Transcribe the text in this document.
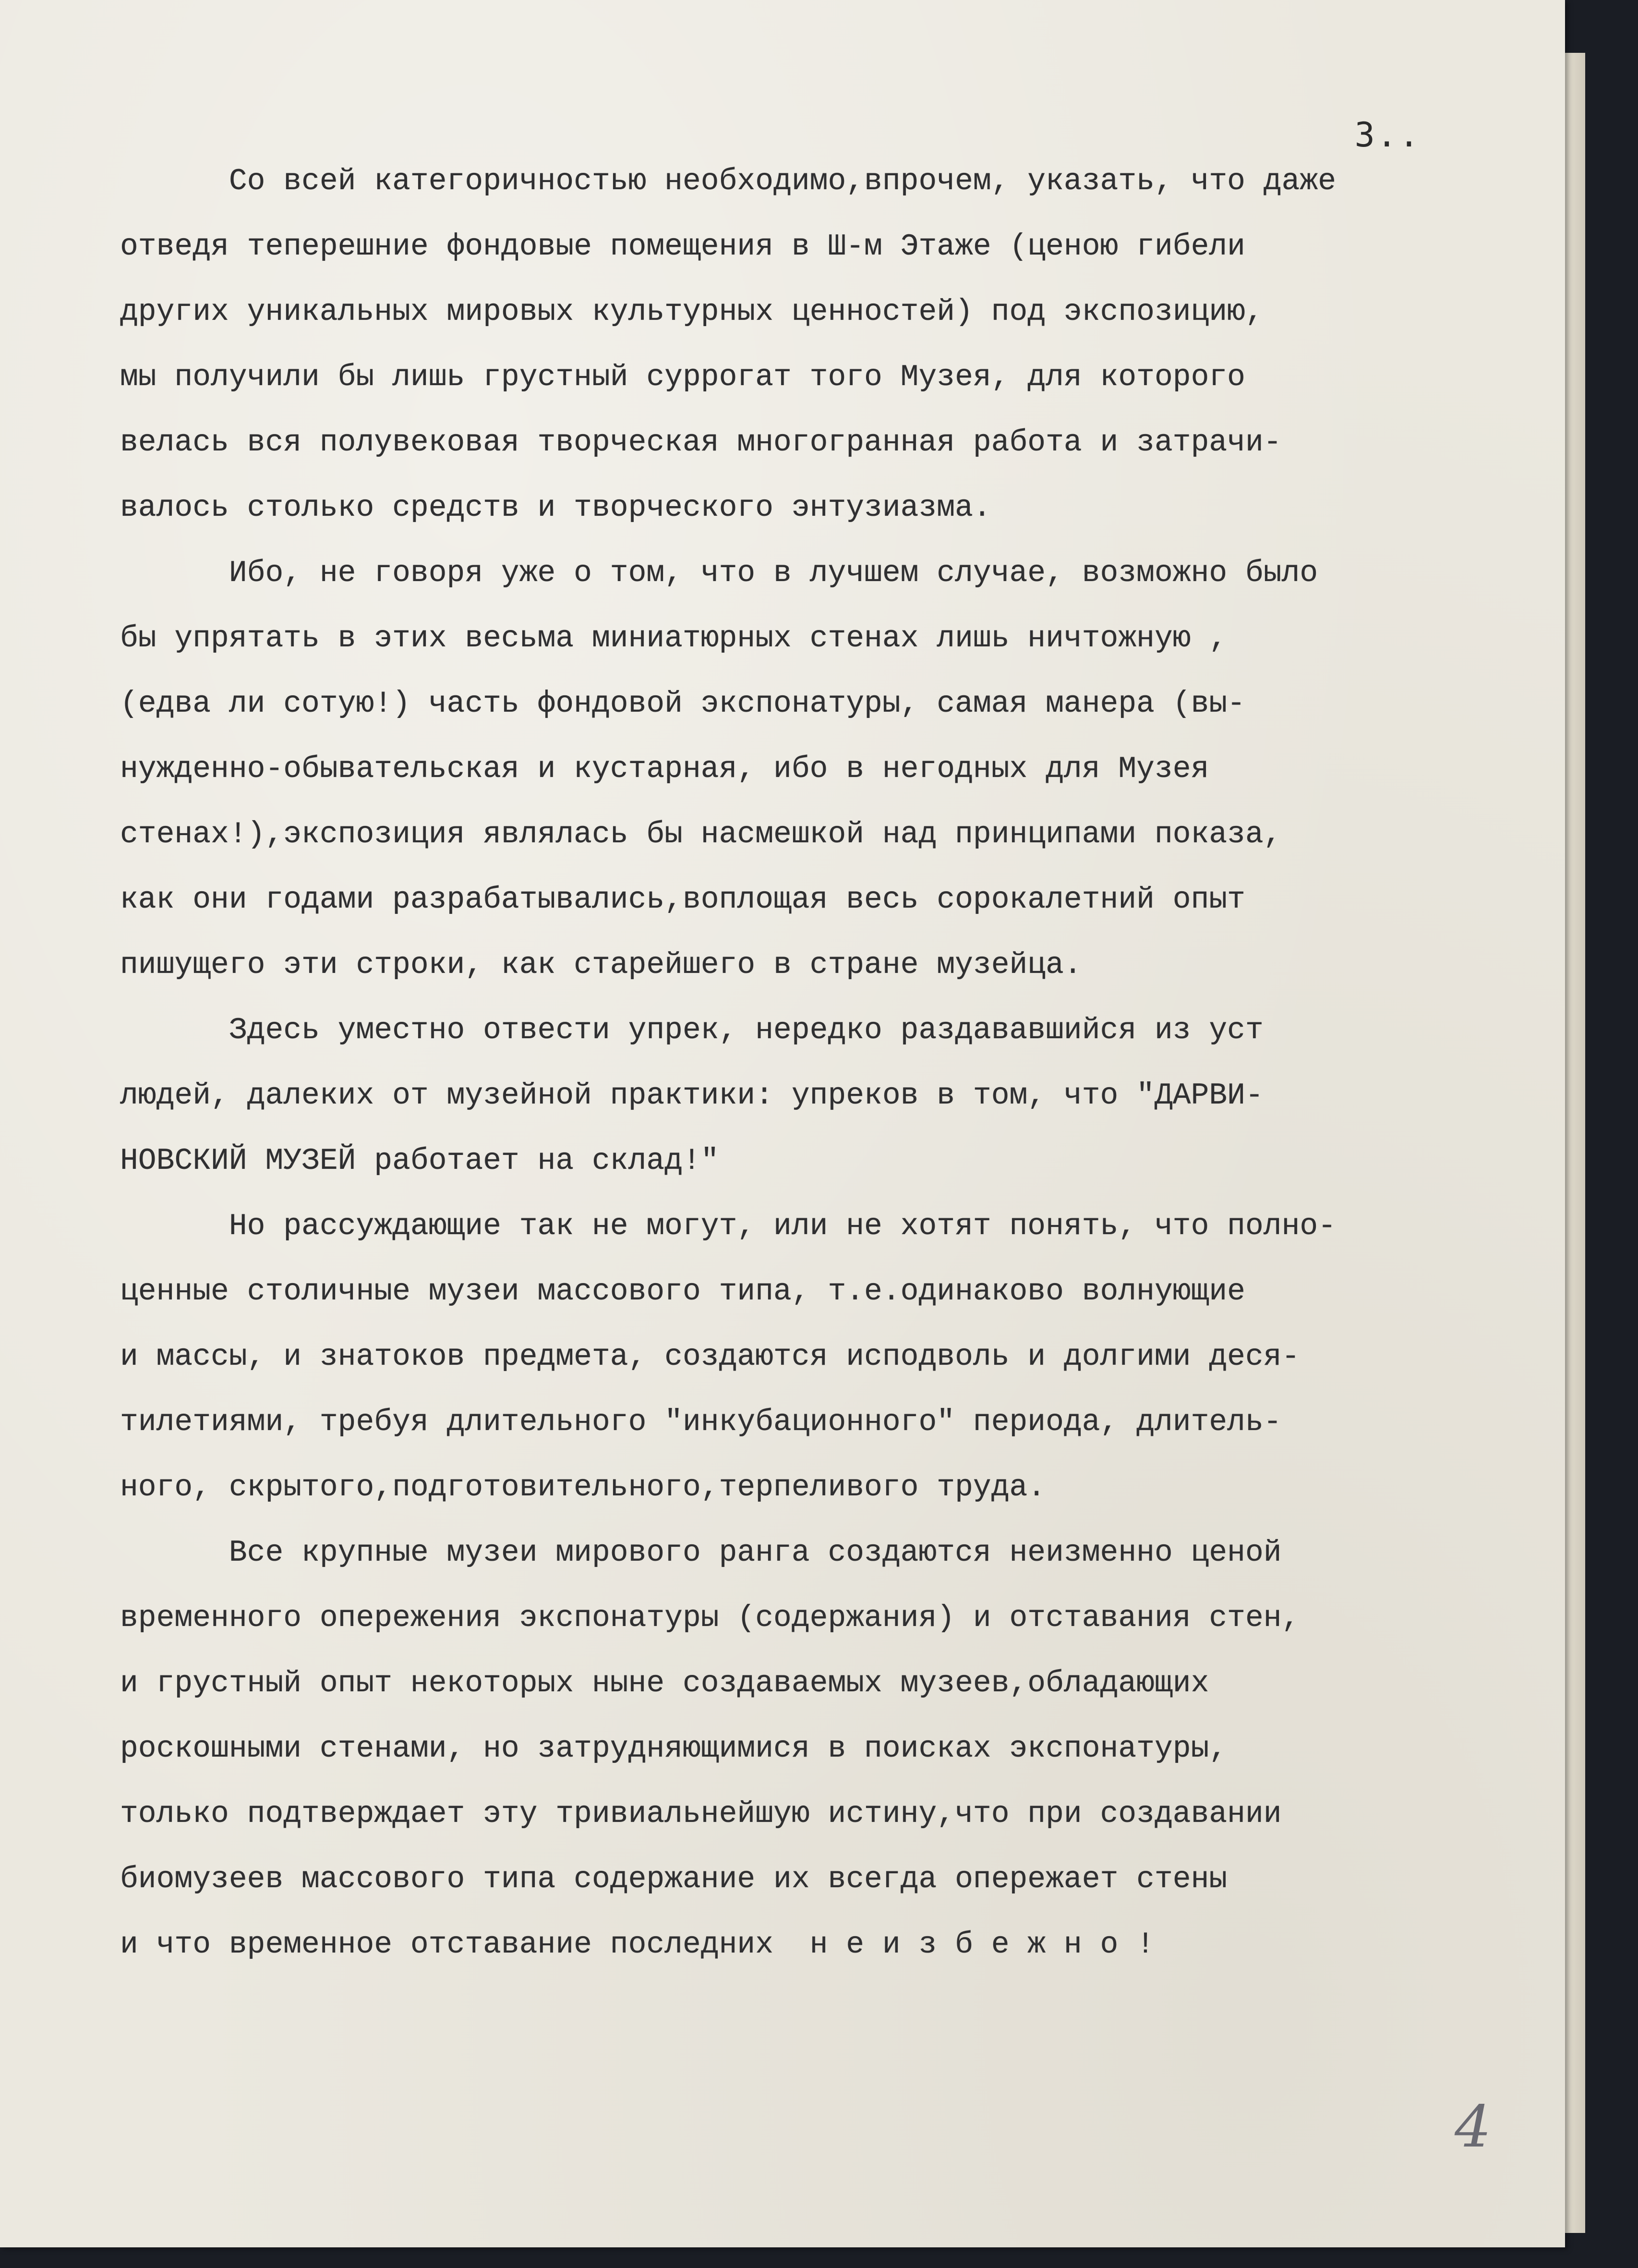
3..

Со всей категоричностью необходимо,впрочем, указать, что даже

отведя теперешние фондовые помещения в Ш-м Этаже (ценою гибели

других уникальных мировых культурных ценностей) под экспозицию,

мы получили бы лишь грустный суррогат того Музея, для которого

велась вся полувековая творческая многогранная работа и затрачи-

валось столько средств и творческого энтузиазма.

Ибо, не говоря уже о том, что в лучшем случае, возможно было

бы упрятать в этих весьма миниатюрных стенах лишь ничтожную ,

(едва ли сотую!) часть фондовой экспонатуры, самая манера (вы-

нужденно-обывательская и кустарная, ибо в негодных для Музея

стенах!),экспозиция являлась бы насмешкой над принципами показа,

как они годами разрабатывались,воплощая весь сорокалетний опыт

пишущего эти строки, как старейшего в стране музейца.

Здесь уместно отвести упрек, нередко раздававшийся из уст

людей, далеких от музейной практики: упреков в том, что "ДАРВИ-

НОВСКИЙ МУЗЕЙ работает на склад!"

Но рассуждающие так не могут, или не хотят понять, что полно-

ценные столичные музеи массового типа, т.е.одинаково волнующие

и массы, и знатоков предмета, создаются исподволь и долгими деся-

тилетиями, требуя длительного "инкубационного" периода, длитель-

ного, скрытого,подготовительного,терпеливого труда.

Все крупные музеи мирового ранга создаются неизменно ценой

временного опережения экспонатуры (содержания) и отставания стен,

и грустный опыт некоторых ныне создаваемых музеев,обладающих

роскошными стенами, но затрудняющимися в поисках экспонатуры,

только подтверждает эту тривиальнейшую истину,что при создавании

биомузеев массового типа содержание их всегда опережает стены

и что временное отставание последних  н е и з б е ж н о !

4
